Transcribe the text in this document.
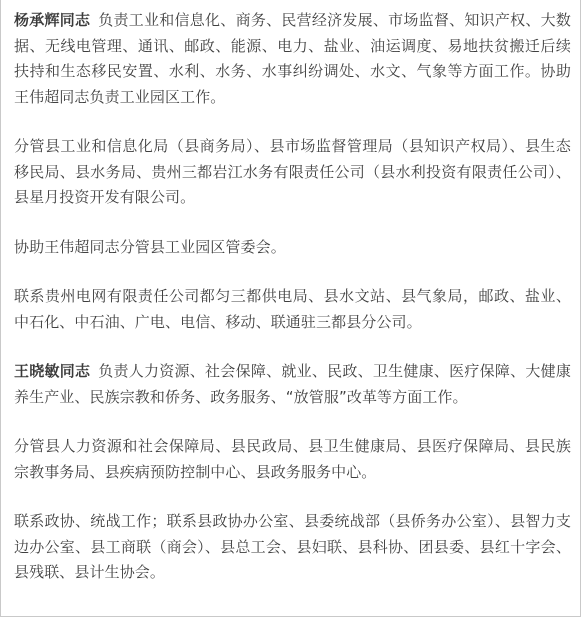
杨承辉同志 负责工业和信息化、商务、民营经济发展、市场监督、知识产权、大数据、无线电管理、通讯、邮政、能源、电力、盐业、油运调度、易地扶贫搬迁后续扶持和生态移民安置、水利、水务、水事纠纷调处、水文、气象等方面工作。协助王伟超同志负责工业园区工作。

分管县工业和信息化局（县商务局）、县市场监督管理局（县知识产权局）、县生态移民局、县水务局、贵州三都岩江水务有限责任公司（县水利投资有限责任公司）、县星月投资开发有限公司。

协助王伟超同志分管县工业园区管委会。

联系贵州电网有限责任公司都匀三都供电局、县水文站、县气象局，邮政、盐业、中石化、中石油、广电、电信、移动、联通驻三都县分公司。

王晓敏同志 负责人力资源、社会保障、就业、民政、卫生健康、医疗保障、大健康养生产业、民族宗教和侨务、政务服务、“放管服”改革等方面工作。

分管县人力资源和社会保障局、县民政局、县卫生健康局、县医疗保障局、县民族宗教事务局、县疾病预防控制中心、县政务服务中心。

联系政协、统战工作；联系县政协办公室、县委统战部（县侨务办公室）、县智力支边办公室、县工商联（商会）、县总工会、县妇联、县科协、团县委、县红十字会、县残联、县计生协会。
